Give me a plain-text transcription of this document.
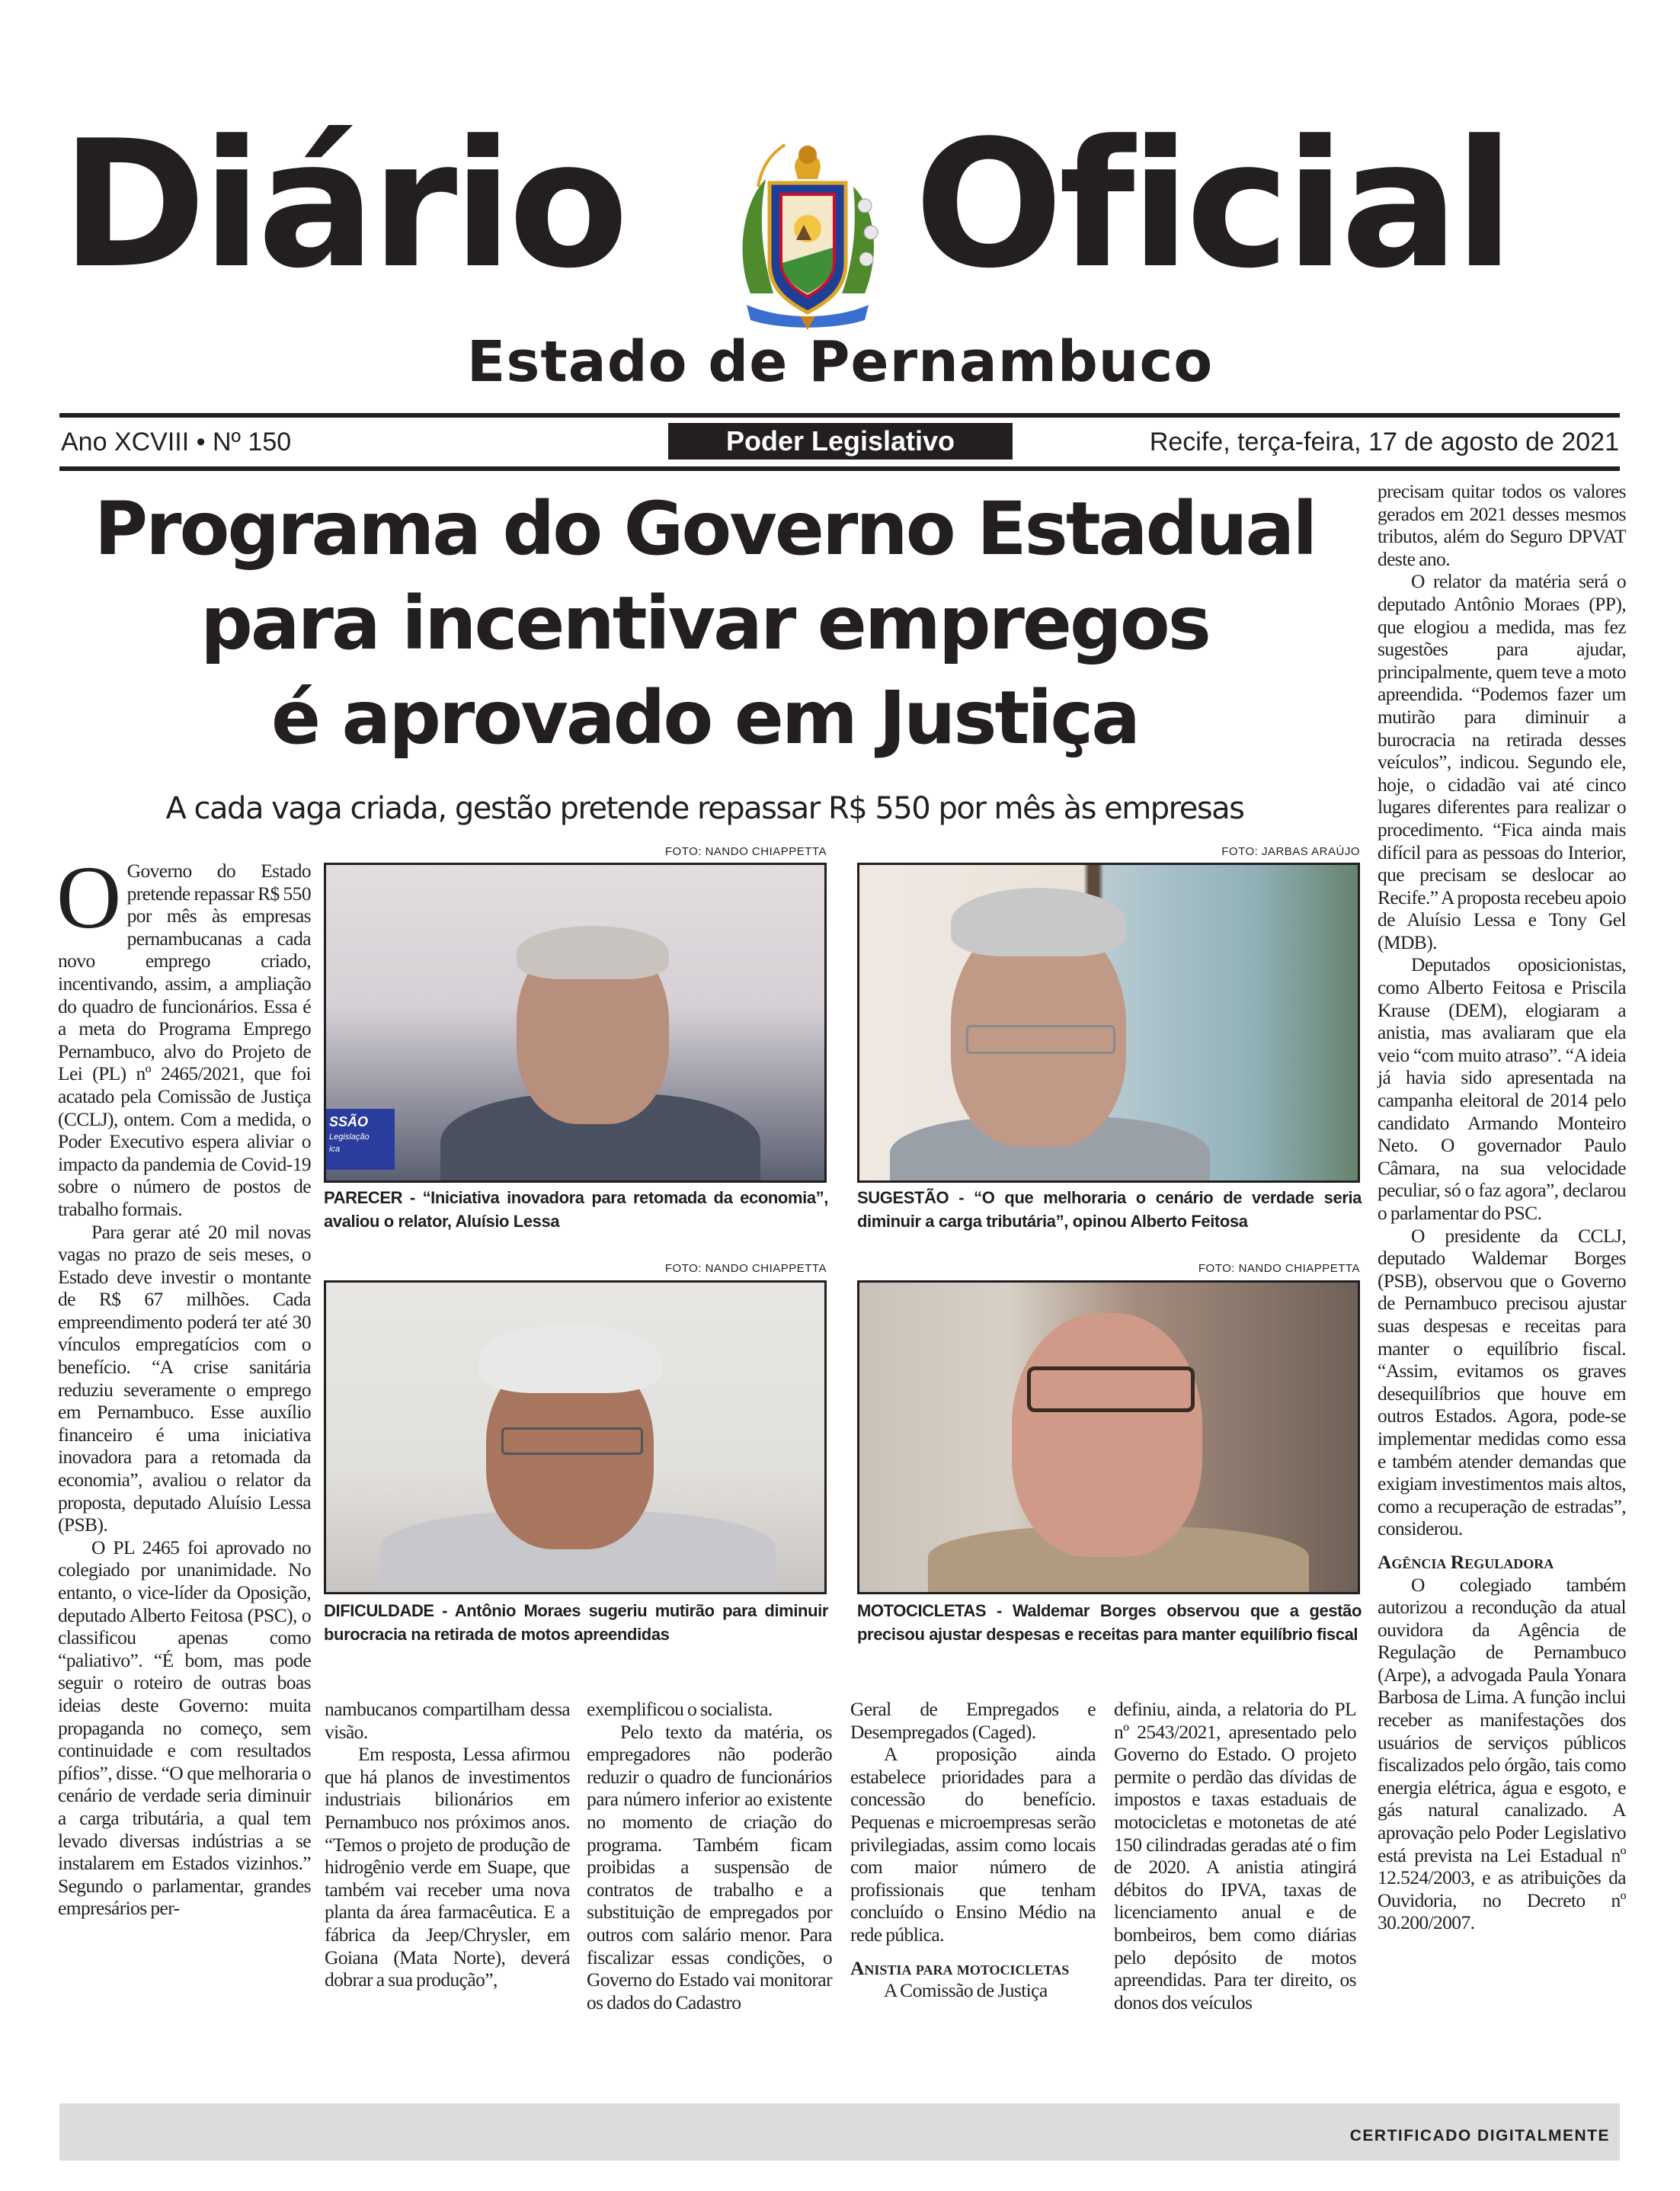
Diário Oficial
Estado de Pernambuco
Ano XCVIII • Nº 150	Poder Legislativo	Recife, terça-feira, 17 de agosto de 2021
Programa do Governo Estadual
para incentivar empregos
é aprovado em Justiça
A cada vaga criada, gestão pretende repassar R$ 550 por mês às empresas

O Governo do Estado pretende repassar R$ 550 por mês às empresas pernambucanas a cada novo emprego criado, incentivando, assim, a ampliação do quadro de funcionários. Essa é a meta do Programa Emprego Pernambuco, alvo do Projeto de Lei (PL) nº 2465/2021, que foi acatado pela Comissão de Justiça (CCLJ), ontem. Com a medida, o Poder Executivo espera aliviar o impacto da pandemia de Covid-19 sobre o número de postos de trabalho formais.

Para gerar até 20 mil novas vagas no prazo de seis meses, o Estado deve investir o montante de R$ 67 milhões. Cada empreendimento poderá ter até 30 vínculos empregatícios com o benefício. “A crise sanitária reduziu severamente o emprego em Pernambuco. Esse auxílio financeiro é uma iniciativa inovadora para a retomada da economia”, avaliou o relator da proposta, deputado Aluísio Lessa (PSB).

O PL 2465 foi aprovado no colegiado por unanimidade. No entanto, o vice-líder da Oposição, deputado Alberto Feitosa (PSC), o classificou apenas como “paliativo”. “É bom, mas pode seguir o roteiro de outras boas ideias deste Governo: muita propaganda no começo, sem continuidade e com resultados pífios”, disse. “O que melhoraria o cenário de verdade seria diminuir a carga tributária, a qual tem levado diversas indústrias a se instalarem em Estados vizinhos.” Segundo o parlamentar, grandes empresários per-

FOTO: NANDO CHIAPPETTA
SSÃO
Legislação
ica
PARECER - “Iniciativa inovadora para retomada da economia”, avaliou o relator, Aluísio Lessa
FOTO: JARBAS ARAÚJO
SUGESTÃO - “O que melhoraria o cenário de verdade seria diminuir a carga tributária”, opinou Alberto Feitosa
FOTO: NANDO CHIAPPETTA
DIFICULDADE - Antônio Moraes sugeriu mutirão para diminuir burocracia na retirada de motos apreendidas
FOTO: NANDO CHIAPPETTA
MOTOCICLETAS - Waldemar Borges observou que a gestão precisou ajustar despesas e receitas para manter equilíbrio fiscal

nambucanos compartilham dessa visão.

Em resposta, Lessa afirmou que há planos de investimentos industriais bilionários em Pernambuco nos próximos anos. “Temos o projeto de produção de hidrogênio verde em Suape, que também vai receber uma nova planta da área farmacêutica. E a fábrica da Jeep/Chrysler, em Goiana (Mata Norte), deverá dobrar a sua produção”,

exemplificou o socialista.

Pelo texto da matéria, os empregadores não poderão reduzir o quadro de funcionários para número inferior ao existente no momento de criação do programa. Também ficam proibidas a suspensão de contratos de trabalho e a substituição de empregados por outros com salário menor. Para fiscalizar essas condições, o Governo do Estado vai monitorar os dados do Cadastro

Geral de Empregados e Desempregados (Caged).

A proposição ainda estabelece prioridades para a concessão do benefício. Pequenas e microempresas serão privilegiadas, assim como locais com maior número de profissionais que tenham concluído o Ensino Médio na rede pública.

Anistia para motocicletas

A Comissão de Justiça

definiu, ainda, a relatoria do PL nº 2543/2021, apresentado pelo Governo do Estado. O projeto permite o perdão das dívidas de impostos e taxas estaduais de motocicletas e motonetas de até 150 cilindradas geradas até o fim de 2020. A anistia atingirá débitos do IPVA, taxas de licenciamento anual e de bombeiros, bem como diárias pelo depósito de motos apreendidas. Para ter direito, os donos dos veículos

precisam quitar todos os valores gerados em 2021 desses mesmos tributos, além do Seguro DPVAT deste ano.

O relator da matéria será o deputado Antônio Moraes (PP), que elogiou a medida, mas fez sugestões para ajudar, principalmente, quem teve a moto apreendida. “Podemos fazer um mutirão para diminuir a burocracia na retirada desses veículos”, indicou. Segundo ele, hoje, o cidadão vai até cinco lugares diferentes para realizar o procedimento. “Fica ainda mais difícil para as pessoas do Interior, que precisam se deslocar ao Recife.” A proposta recebeu apoio de Aluísio Lessa e Tony Gel (MDB).

Deputados oposicionistas, como Alberto Feitosa e Priscila Krause (DEM), elogiaram a anistia, mas avaliaram que ela veio “com muito atraso”. “A ideia já havia sido apresentada na campanha eleitoral de 2014 pelo candidato Armando Monteiro Neto. O governador Paulo Câmara, na sua velocidade peculiar, só o faz agora”, declarou o parlamentar do PSC.

O presidente da CCLJ, deputado Waldemar Borges (PSB), observou que o Governo de Pernambuco precisou ajustar suas despesas e receitas para manter o equilíbrio fiscal. “Assim, evitamos os graves desequilíbrios que houve em outros Estados. Agora, pode-se implementar medidas como essa e também atender demandas que exigiam investimentos mais altos, como a recuperação de estradas”, considerou.

Agência Reguladora

O colegiado também autorizou a recondução da atual ouvidora da Agência de Regulação de Pernambuco (Arpe), a advogada Paula Yonara Barbosa de Lima. A função inclui receber as manifestações dos usuários de serviços públicos fiscalizados pelo órgão, tais como energia elétrica, água e esgoto, e gás natural canalizado. A aprovação pelo Poder Legislativo está prevista na Lei Estadual nº 12.524/2003, e as atribuições da Ouvidoria, no Decreto nº 30.200/2007.

CERTIFICADO DIGITALMENTE
